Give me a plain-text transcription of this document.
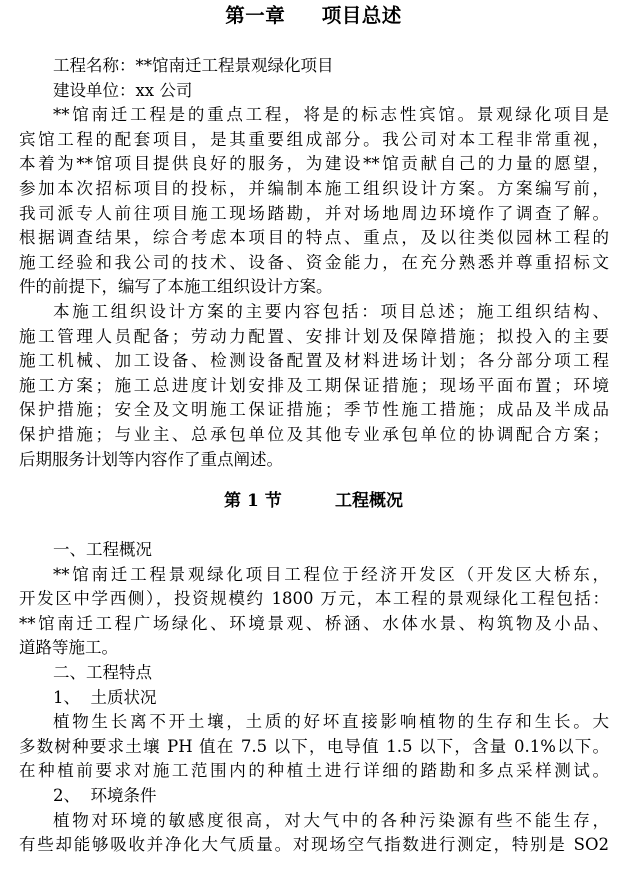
第一章     项目总述
工程名称：**馆南迁工程景观绿化项目
建设单位：xx 公司
**馆南迁工程是的重点工程，将是的标志性宾馆。景观绿化项目是
宾馆工程的配套项目，是其重要组成部分。我公司对本工程非常重视，
本着为**馆项目提供良好的服务，为建设**馆贡献自己的力量的愿望，
参加本次招标项目的投标，并编制本施工组织设计方案。方案编写前，
我司派专人前往项目施工现场踏勘，并对场地周边环境作了调查了解。
根据调查结果，综合考虑本项目的特点、重点，及以往类似园林工程的
施工经验和我公司的技术、设备、资金能力，在充分熟悉并尊重招标文
件的前提下，编写了本施工组织设计方案。
本施工组织设计方案的主要内容包括：项目总述；施工组织结构、
施工管理人员配备；劳动力配置、安排计划及保障措施；拟投入的主要
施工机械、加工设备、检测设备配置及材料进场计划；各分部分项工程
施工方案；施工总进度计划安排及工期保证措施；现场平面布置；环境
保护措施；安全及文明施工保证措施；季节性施工措施；成品及半成品
保护措施；与业主、总承包单位及其他专业承包单位的协调配合方案；
后期服务计划等内容作了重点阐述。
第 1 节         工程概况
一、工程概况
**馆南迁工程景观绿化项目工程位于经济开发区（开发区大桥东，
开发区中学西侧），投资规模约 1800 万元，本工程的景观绿化工程包括：
**馆南迁工程广场绿化、环境景观、桥涵、水体水景、构筑物及小品、
道路等施工。
二、工程特点
1、  土质状况
植物生长离不开土壤，土质的好坏直接影响植物的生存和生长。大
多数树种要求土壤 PH 值在 7.5 以下，电导值 1.5 以下，含量 0.1%以下。
在种植前要求对施工范围内的种植土进行详细的踏勘和多点采样测试。
2、  环境条件
植物对环境的敏感度很高，对大气中的各种污染源有些不能生存，
有些却能够吸收并净化大气质量。对现场空气指数进行测定，特别是 SO2
